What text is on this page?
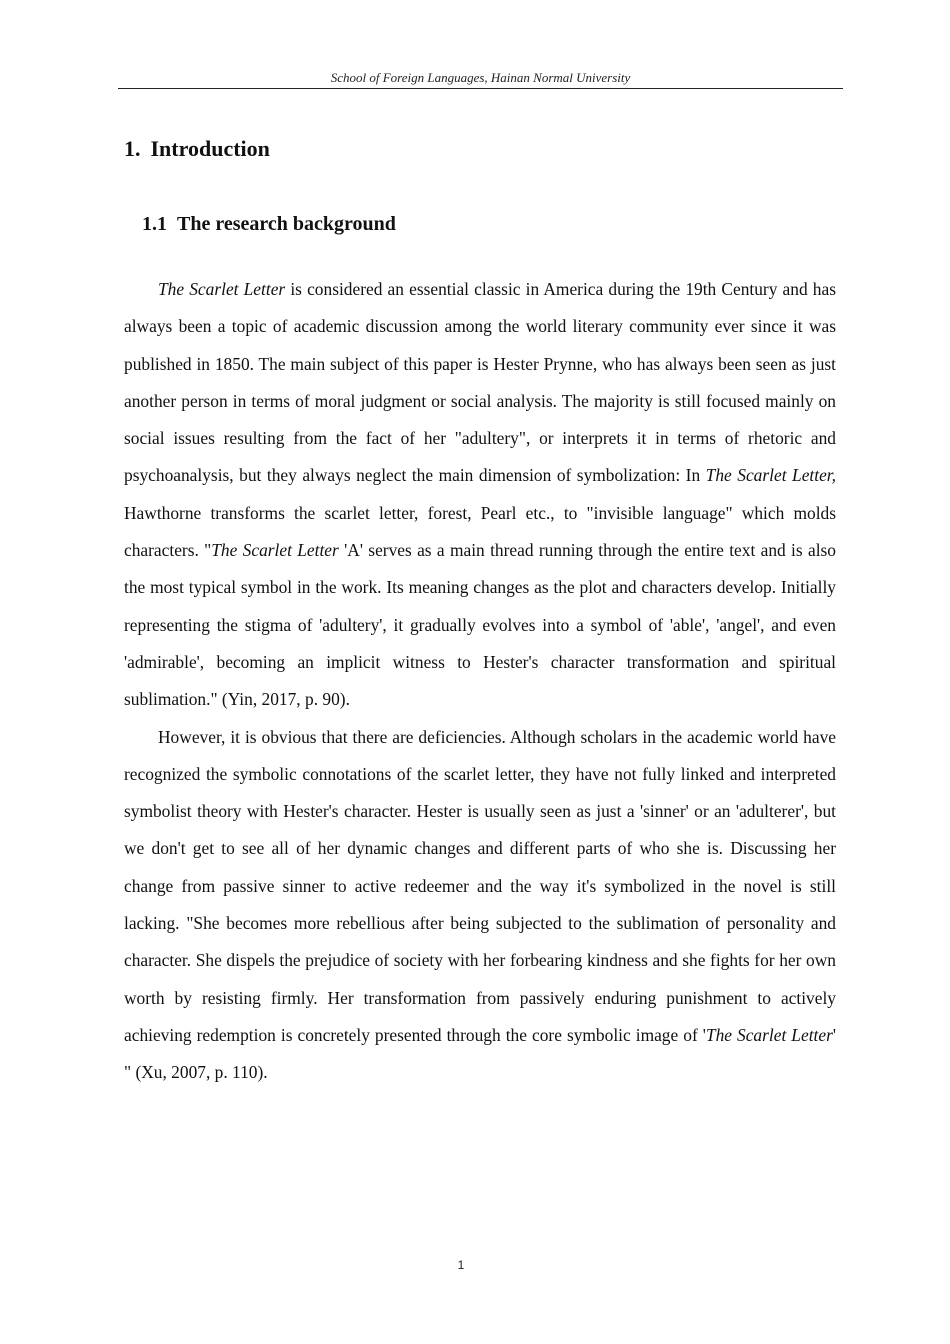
School of Foreign Languages, Hainan Normal University
1. Introduction
1.1 The research background

The Scarlet Letter is considered an essential classic in America during the 19th Century and has always been a topic of academic discussion among the world literary community ever since it was published in 1850. The main subject of this paper is Hester Prynne, who has always been seen as just another person in terms of moral judgment or social analysis. The majority is still focused mainly on social issues resulting from the fact of her "adultery", or interprets it in terms of rhetoric and psychoanalysis, but they always neglect the main dimension of symbolization: In The Scarlet Letter, Hawthorne transforms the scarlet letter, forest, Pearl etc., to "invisible language" which molds characters. "The Scarlet Letter 'A' serves as a main thread running through the entire text and is also the most typical symbol in the work. Its meaning changes as the plot and characters develop. Initially representing the stigma of 'adultery', it gradually evolves into a symbol of 'able', 'angel', and even 'admirable', becoming an implicit witness to Hester's character transformation and spiritual sublimation." (Yin, 2017, p. 90).

However, it is obvious that there are deficiencies. Although scholars in the academic world have recognized the symbolic connotations of the scarlet letter, they have not fully linked and interpreted symbolist theory with Hester's character. Hester is usually seen as just a 'sinner' or an 'adulterer', but we don't get to see all of her dynamic changes and different parts of who she is. Discussing her change from passive sinner to active redeemer and the way it's symbolized in the novel is still lacking. "She becomes more rebellious after being subjected to the sublimation of personality and character. She dispels the prejudice of society with her forbearing kindness and she fights for her own worth by resisting firmly. Her transformation from passively enduring punishment to actively achieving redemption is concretely presented through the core symbolic image of 'The Scarlet Letter' " (Xu, 2007, p. 110).

1
